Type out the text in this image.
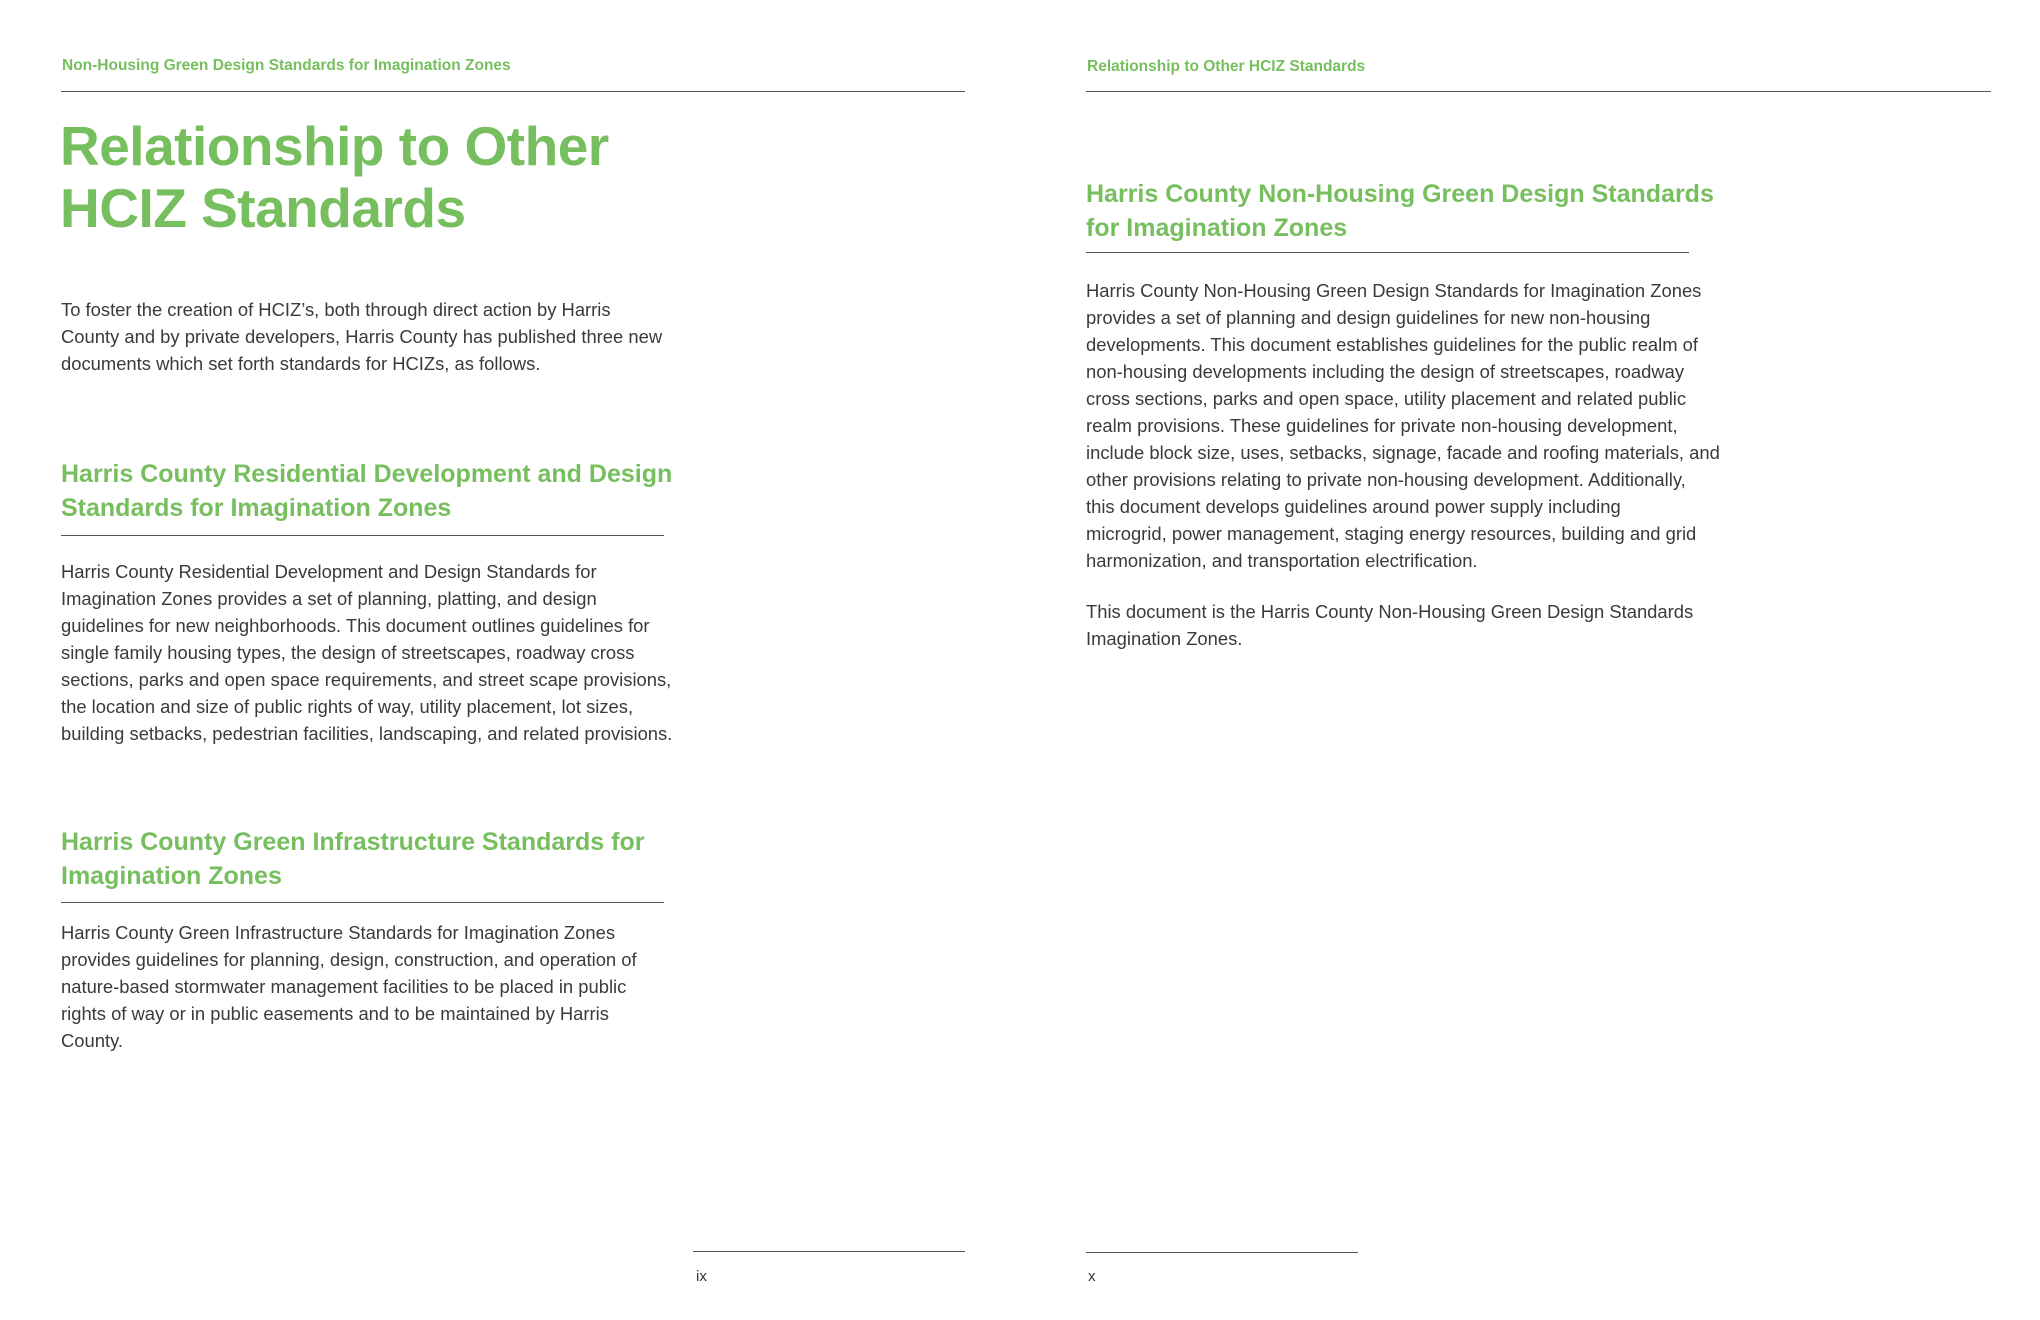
Non-Housing Green Design Standards for Imagination Zones
Relationship to Other
HCIZ Standards
To foster the creation of HCIZ’s, both through direct action by Harris
County and by private developers, Harris County has published three new
documents which set forth standards for HCIZs, as follows.
Harris County Residential Development and Design
Standards for Imagination Zones
Harris County Residential Development and Design Standards for
Imagination Zones provides a set of planning, platting, and design
guidelines for new neighborhoods. This document outlines guidelines for
single family housing types, the design of streetscapes, roadway cross
sections, parks and open space requirements, and street scape provisions,
the location and size of public rights of way, utility placement, lot sizes,
building setbacks, pedestrian facilities, landscaping, and related provisions.
Harris County Green Infrastructure Standards for
Imagination Zones
Harris County Green Infrastructure Standards for Imagination Zones
provides guidelines for planning, design, construction, and operation of
nature-based stormwater management facilities to be placed in public
rights of way or in public easements and to be maintained by Harris
County.
ix
Relationship to Other HCIZ Standards
Harris County Non-Housing Green Design Standards
for Imagination Zones
Harris County Non-Housing Green Design Standards for Imagination Zones
provides a set of planning and design guidelines for new non-housing
developments. This document establishes guidelines for the public realm of
non-housing developments including the design of streetscapes, roadway
cross sections, parks and open space, utility placement and related public
realm provisions. These guidelines for private non-housing development,
include block size, uses, setbacks, signage, facade and roofing materials, and
other provisions relating to private non-housing development. Additionally,
this document develops guidelines around power supply including
microgrid, power management, staging energy resources, building and grid
harmonization, and transportation electrification.
This document is the Harris County Non-Housing Green Design Standards
Imagination Zones.
x
